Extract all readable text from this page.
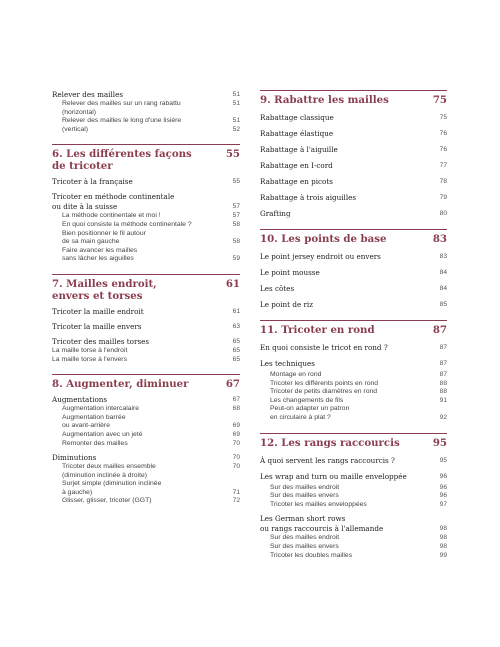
Relever des mailles	51
Relever des mailles sur un rang rabattu	51
(horizontal)
Relever des mailles le long d'une lisière	51
(vertical)	52
6. Les différentes façons
de tricoter
55
Tricoter à la française	55
Tricoter en méthode continentale
ou dite à la suisse	57
La méthode continentale et moi !	57
En quoi consiste la méthode continentale ?	58
Bien positionner le fil autour
de sa main gauche	58
Faire avancer les mailles
sans lâcher les aiguilles	59
7. Mailles endroit,
envers et torses
61
Tricoter la maille endroit	61
Tricoter la maille envers	63
Tricoter des mailles torses	65
La maille torse à l'endroit	65
La maille torse à l'envers	65
8. Augmenter, diminuer	67
Augmentations	67
Augmentation intercalaire	68
Augmentation barrée
ou avant-arrière	69
Augmentation avec un jeté	69
Remonter des mailles	70
Diminutions	70
Tricoter deux mailles ensemble	70
(diminution inclinée à droite)
Surjet simple (diminution inclinée
à gauche)	71
Glisser, glisser, tricoter (GGT)	72
9. Rabattre les mailles	75
Rabattage classique	75
Rabattage élastique	76
Rabattage à l'aiguille	76
Rabattage en I-cord	77
Rabattage en picots	78
Rabattage à trois aiguilles	79
Grafting	80
10. Les points de base	83
Le point jersey endroit ou envers	83
Le point mousse	84
Les côtes	84
Le point de riz	85
11. Tricoter en rond	87
En quoi consiste le tricot en rond ?	87
Les techniques	87
Montage en rond	87
Tricoter les différents points en rond	88
Tricoter de petits diamètres en rond	88
Les changements de fils	91
Peut-on adapter un patron
en circulaire à plat ?	92
12. Les rangs raccourcis	95
À quoi servent les rangs raccourcis ?	95
Les wrap and turn ou maille enveloppée	96
Sur des mailles endroit	96
Sur des mailles envers	96
Tricoter les mailles enveloppées	97
Les German short rows
ou rangs raccourcis à l'allemande	98
Sur des mailles endroit	98
Sur des mailles envers	98
Tricoter les doubles mailles	99
